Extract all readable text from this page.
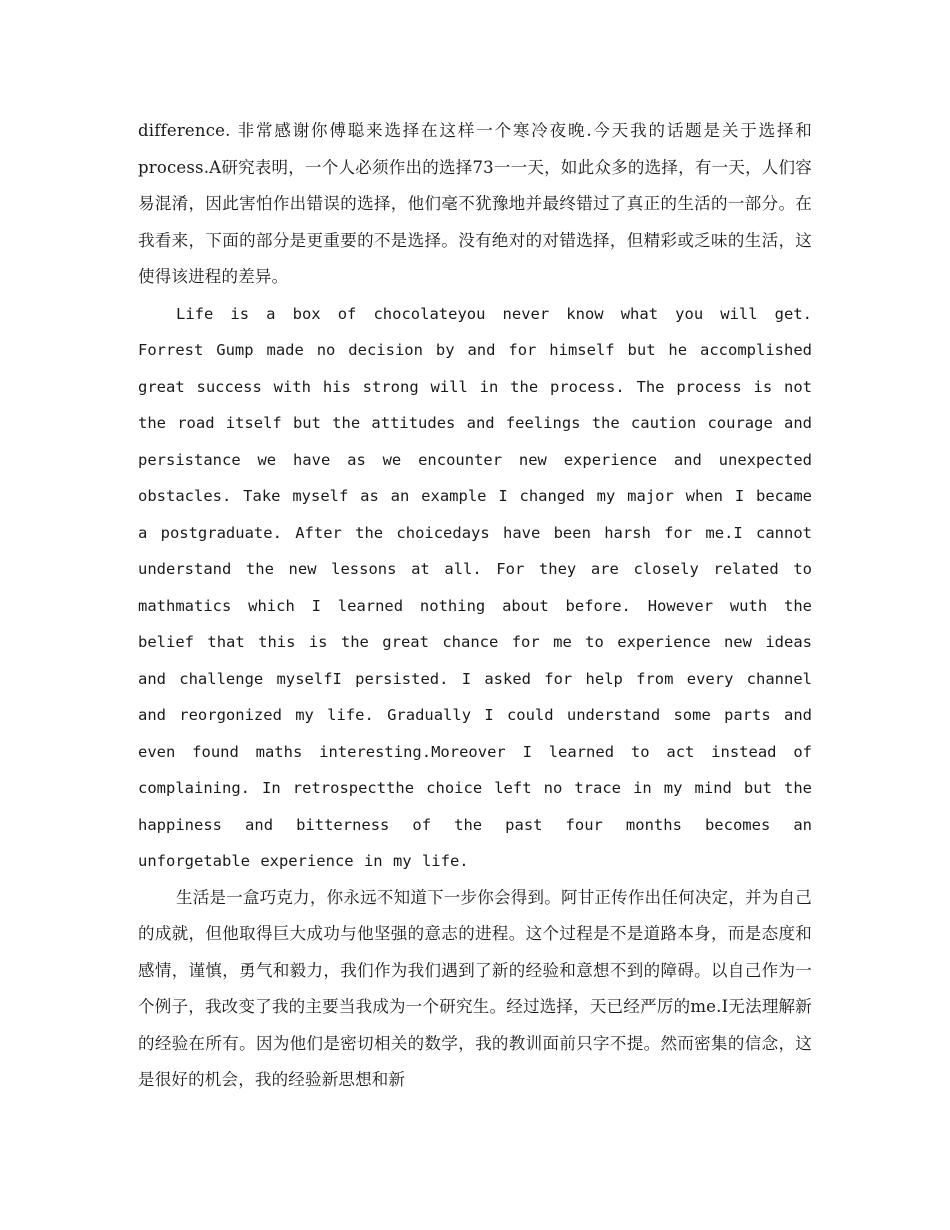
difference. 非常感谢你傅聪来选择在这样一个寒冷夜晚.今天我的话题是关于选择和process.A研究表明，一个人必须作出的选择73一一天，如此众多的选择，有一天，人们容易混淆，因此害怕作出错误的选择，他们毫不犹豫地并最终错过了真正的生活的一部分。在我看来，下面的部分是更重要的不是选择。没有绝对的对错选择，但精彩或乏味的生活，这使得该进程的差异。

Life is a box of chocolateyou never know what you will get. Forrest Gump made no decision by and for himself but he accomplished great success with his strong will in the process. The process is not the road itself but the attitudes and feelings the caution courage and persistance we have as we encounter new experience and unexpected obstacles. Take myself as an example I changed my major when I became a postgraduate. After the choicedays have been harsh for me.I cannot understand the new lessons at all. For they are closely related to mathmatics which I learned nothing about before. However wuth the belief that this is the great chance for me to experience new ideas and challenge myselfI persisted. I asked for help from every channel and reorgonized my life. Gradually I could understand some parts and even found maths interesting.Moreover I learned to act instead of complaining. In retrospectthe choice left no trace in my mind but the happiness and bitterness of the past four months becomes an unforgetable experience in my life.

生活是一盒巧克力，你永远不知道下一步你会得到。阿甘正传作出任何决定，并为自己的成就，但他取得巨大成功与他坚强的意志的进程。这个过程是不是道路本身，而是态度和感情，谨慎，勇气和毅力，我们作为我们遇到了新的经验和意想不到的障碍。以自己作为一个例子，我改变了我的主要当我成为一个研究生。经过选择，天已经严厉的me.I无法理解新的经验在所有。因为他们是密切相关的数学，我的教训面前只字不提。然而密集的信念，这是很好的机会，我的经验新思想和新
